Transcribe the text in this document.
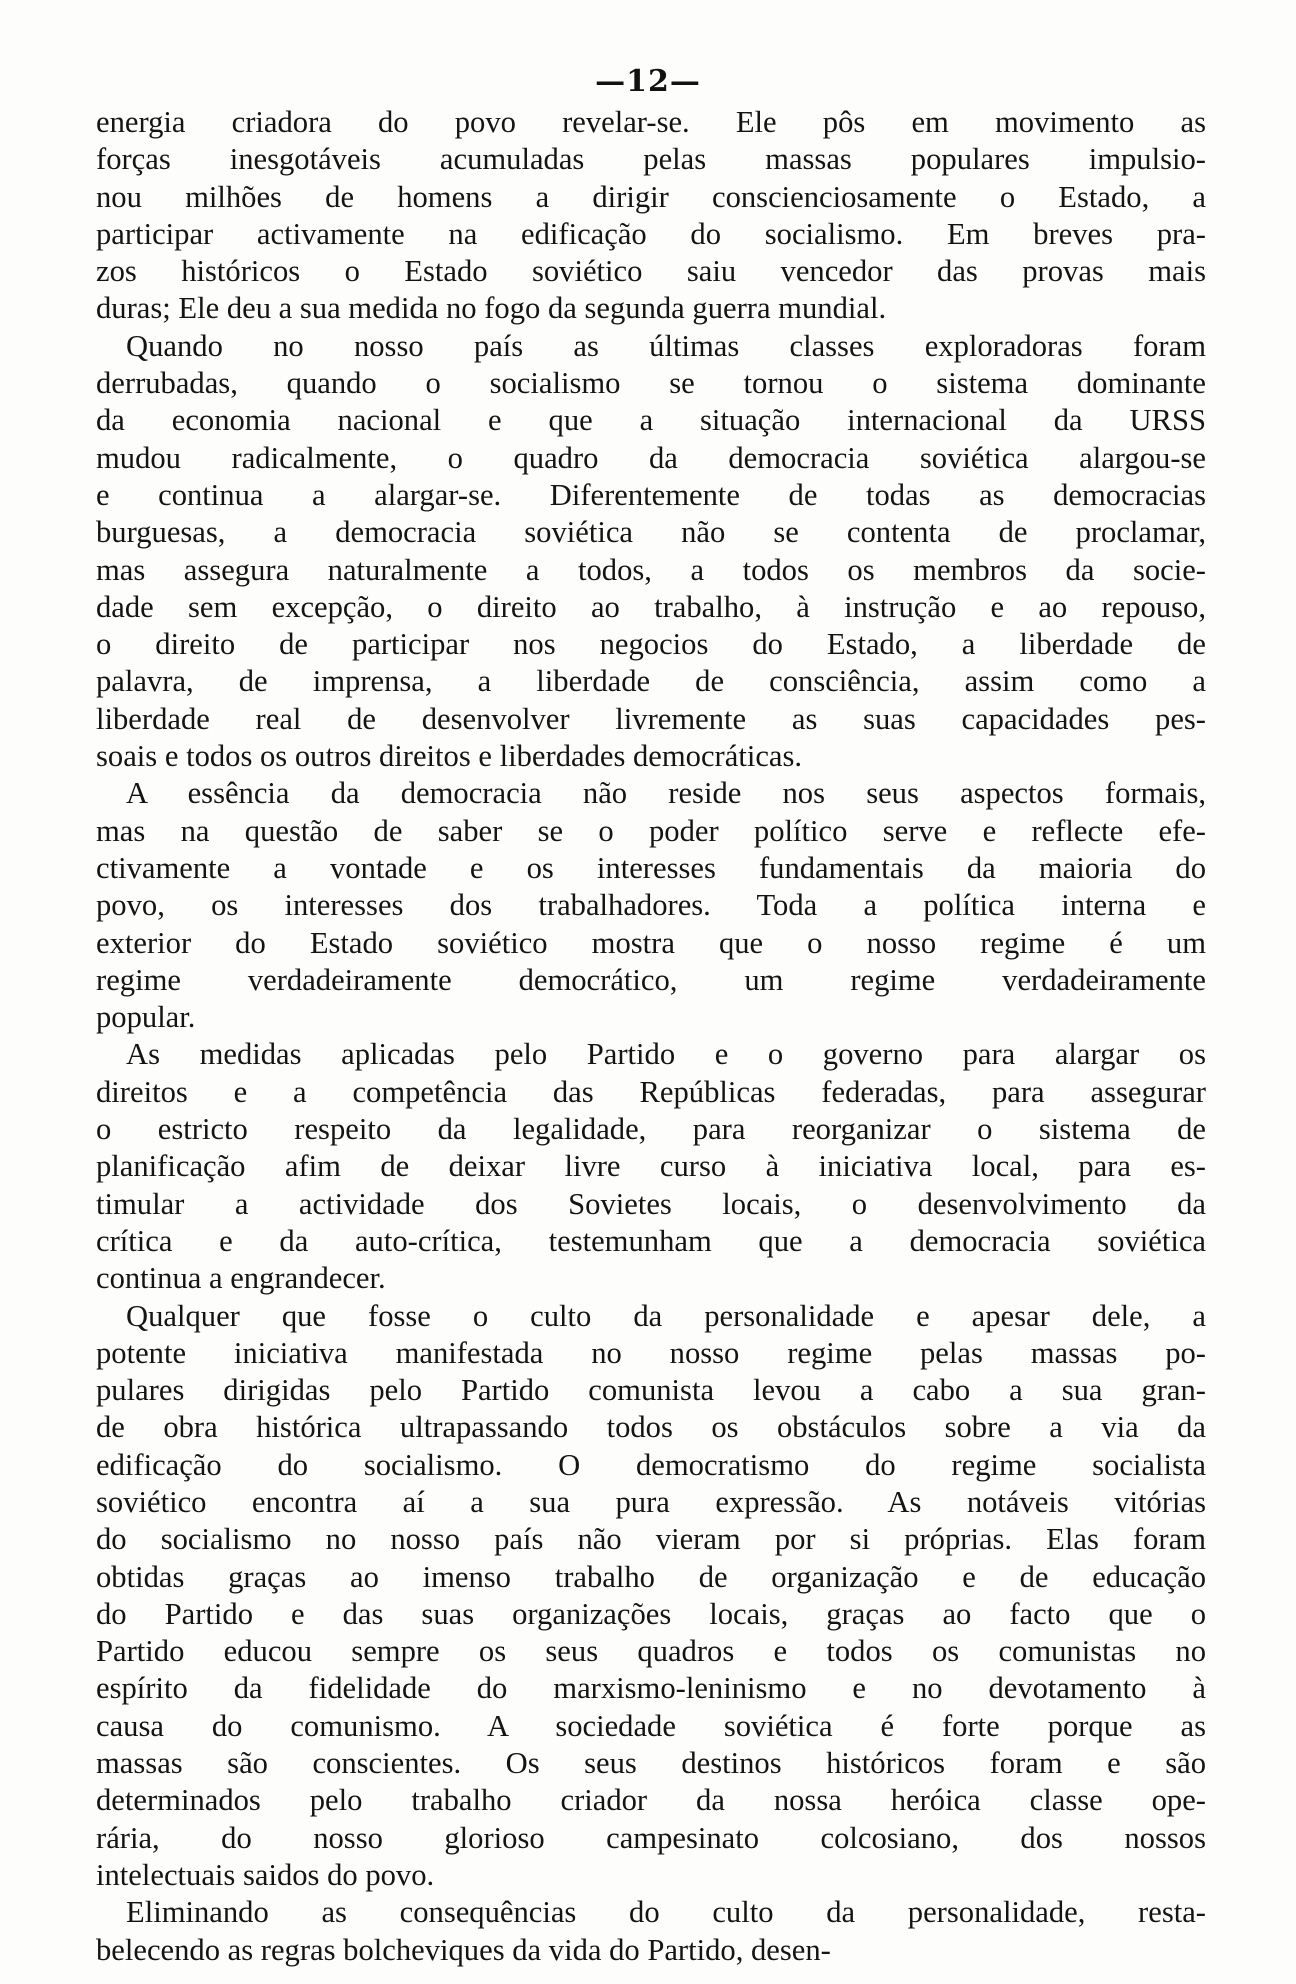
—12—
energia criadora do povo revelar-se. Ele pôs em movimento as
forças inesgotáveis acumuladas pelas massas populares impulsio-
nou milhões de homens a dirigir conscienciosamente o Estado, a
participar activamente na edificação do socialismo. Em breves pra-
zos históricos o Estado soviético saiu vencedor das provas mais
duras; Ele deu a sua medida no fogo da segunda guerra mundial.
Quando no nosso país as últimas classes exploradoras foram
derrubadas, quando o socialismo se tornou o sistema dominante
da economia nacional e que a situação internacional da URSS
mudou radicalmente, o quadro da democracia soviética alargou-se
e continua a alargar-se. Diferentemente de todas as democracias
burguesas, a democracia soviética não se contenta de proclamar,
mas assegura naturalmente a todos, a todos os membros da socie-
dade sem excepção, o direito ao trabalho, à instrução e ao repouso,
o direito de participar nos negocios do Estado, a liberdade de
palavra, de imprensa, a liberdade de consciência, assim como a
liberdade real de desenvolver livremente as suas capacidades pes-
soais e todos os outros direitos e liberdades democráticas.
A essência da democracia não reside nos seus aspectos formais,
mas na questão de saber se o poder político serve e reflecte efe-
ctivamente a vontade e os interesses fundamentais da maioria do
povo, os interesses dos trabalhadores. Toda a política interna e
exterior do Estado soviético mostra que o nosso regime é um
regime verdadeiramente democrático, um regime verdadeiramente
popular.
As medidas aplicadas pelo Partido e o governo para alargar os
direitos e a competência das Repúblicas federadas, para assegurar
o estricto respeito da legalidade, para reorganizar o sistema de
planificação afim de deixar livre curso à iniciativa local, para es-
timular a actividade dos Sovietes locais, o desenvolvimento da
crítica e da auto-crítica, testemunham que a democracia soviética
continua a engrandecer.
Qualquer que fosse o culto da personalidade e apesar dele, a
potente iniciativa manifestada no nosso regime pelas massas po-
pulares dirigidas pelo Partido comunista levou a cabo a sua gran-
de obra histórica ultrapassando todos os obstáculos sobre a via da
edificação do socialismo. O democratismo do regime socialista
soviético encontra aí a sua pura expressão. As notáveis vitórias
do socialismo no nosso país não vieram por si próprias. Elas foram
obtidas graças ao imenso trabalho de organização e de educação
do Partido e das suas organizações locais, graças ao facto que o
Partido educou sempre os seus quadros e todos os comunistas no
espírito da fidelidade do marxismo-leninismo e no devotamento à
causa do comunismo. A sociedade soviética é forte porque as
massas são conscientes. Os seus destinos históricos foram e são
determinados pelo trabalho criador da nossa heróica classe ope-
rária, do nosso glorioso campesinato colcosiano, dos nossos
intelectuais saidos do povo.
Eliminando as consequências do culto da personalidade, resta-
belecendo as regras bolcheviques da vida do Partido, desen-
